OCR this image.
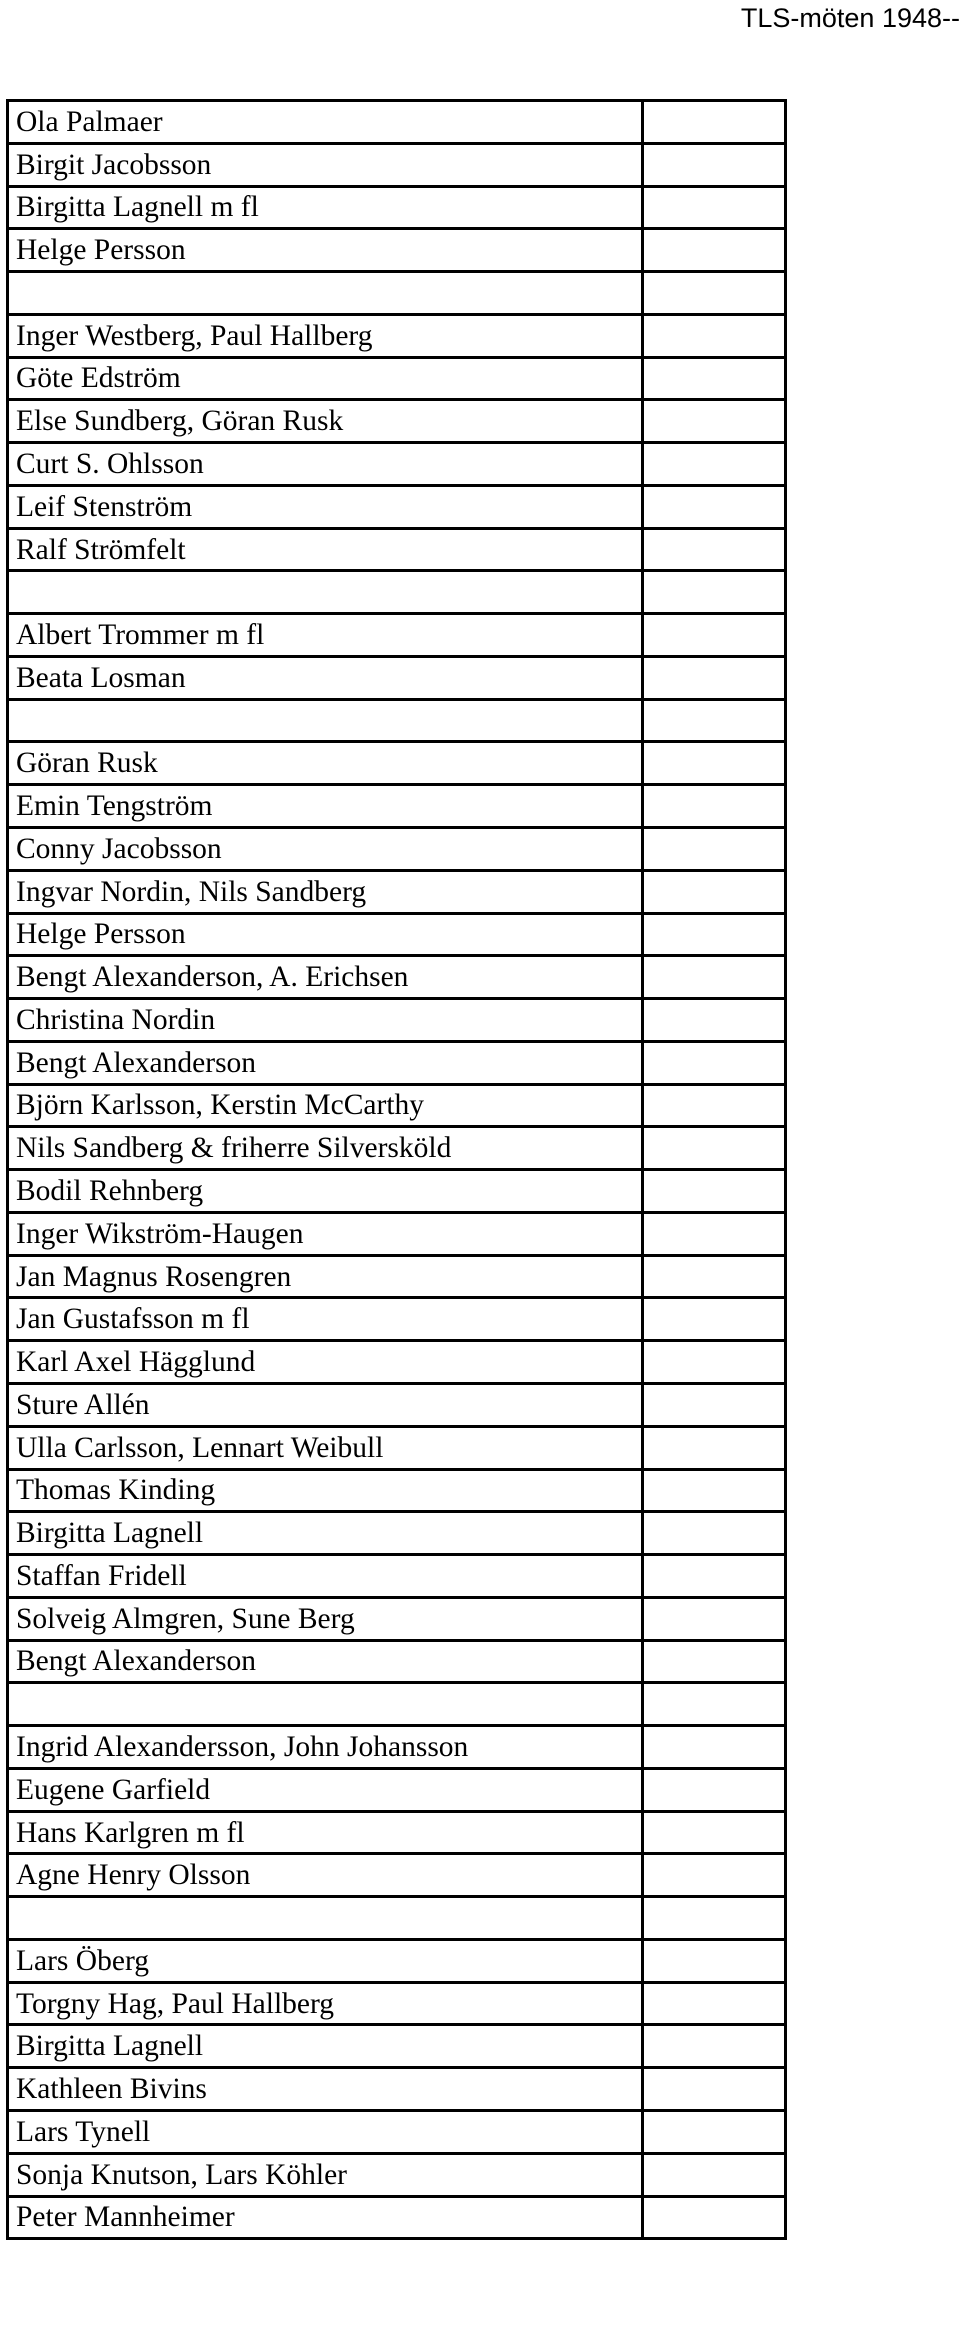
TLS-möten 1948--
Ola Palmaer	
Birgit Jacobsson	
Birgitta Lagnell m fl	
Helge Persson	

Inger Westberg, Paul Hallberg	
Göte Edström	
Else Sundberg, Göran Rusk	
Curt S. Ohlsson	
Leif Stenström	
Ralf Strömfelt	

Albert Trommer m fl	
Beata Losman	

Göran Rusk	
Emin Tengström	
Conny Jacobsson	
Ingvar Nordin, Nils Sandberg	
Helge Persson	
Bengt Alexanderson, A. Erichsen	
Christina Nordin	
Bengt Alexanderson	
Björn Karlsson, Kerstin McCarthy	
Nils Sandberg & friherre Silversköld	
Bodil Rehnberg	
Inger Wikström-Haugen	
Jan Magnus Rosengren	
Jan Gustafsson m fl	
Karl Axel Hägglund	
Sture Allén	
Ulla Carlsson, Lennart Weibull	
Thomas Kinding	
Birgitta Lagnell	
Staffan Fridell	
Solveig Almgren, Sune Berg	
Bengt Alexanderson	

Ingrid Alexandersson, John Johansson	
Eugene Garfield	
Hans Karlgren m fl	
Agne Henry Olsson	

Lars Öberg	
Torgny Hag, Paul Hallberg	
Birgitta Lagnell	
Kathleen Bivins	
Lars Tynell	
Sonja Knutson, Lars Köhler	
Peter Mannheimer	
